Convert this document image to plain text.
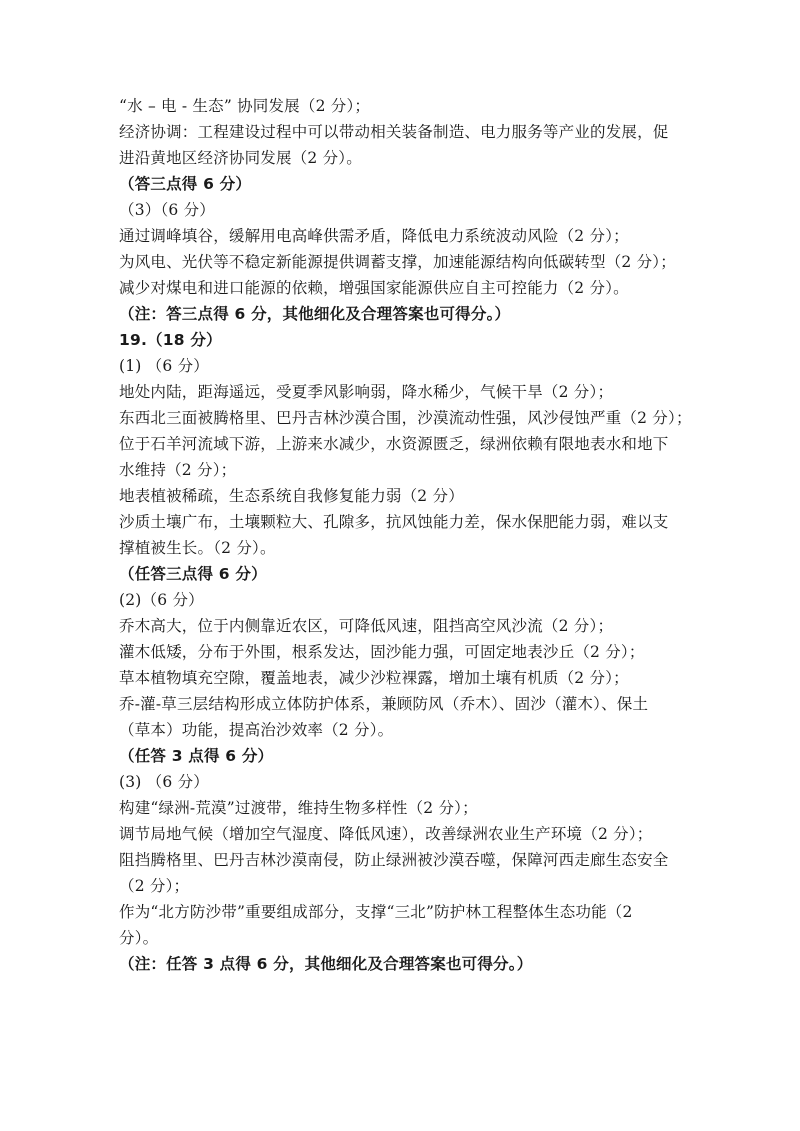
“水 – 电 - 生态” 协同发展（2 分）；
经济协调：工程建设过程中可以带动相关装备制造、电力服务等产业的发展，促
进沿黄地区经济协同发展（2 分）。
（答三点得 6 分）
（3）（6 分）
通过调峰填谷，缓解用电高峰供需矛盾，降低电力系统波动风险（2 分）；
为风电、光伏等不稳定新能源提供调蓄支撑，加速能源结构向低碳转型（2 分）；
减少对煤电和进口能源的依赖，增强国家能源供应自主可控能力（2 分）。
（注：答三点得 6 分，其他细化及合理答案也可得分。）
19.（18 分）
(1) （6 分）
地处内陆，距海遥远，受夏季风影响弱，降水稀少，气候干旱（2 分）；
东西北三面被腾格里、巴丹吉林沙漠合围，沙漠流动性强，风沙侵蚀严重（2 分）；
位于石羊河流域下游，上游来水减少，水资源匮乏，绿洲依赖有限地表水和地下
水维持（2 分）；
地表植被稀疏，生态系统自我修复能力弱（2 分）
沙质土壤广布，土壤颗粒大、孔隙多，抗风蚀能力差，保水保肥能力弱，难以支
撑植被生长。（2 分）。
（任答三点得 6 分）
(2)（6 分）
乔木高大，位于内侧靠近农区，可降低风速，阻挡高空风沙流（2 分）；
灌木低矮，分布于外围，根系发达，固沙能力强，可固定地表沙丘（2 分）；
草本植物填充空隙，覆盖地表，减少沙粒裸露，增加土壤有机质（2 分）；
乔-灌-草三层结构形成立体防护体系，兼顾防风（乔木）、固沙（灌木）、保土
（草本）功能，提高治沙效率（2 分）。
（任答 3 点得 6 分）
(3) （6 分）
构建“绿洲-荒漠”过渡带，维持生物多样性（2 分）；
调节局地气候（增加空气湿度、降低风速），改善绿洲农业生产环境（2 分）；
阻挡腾格里、巴丹吉林沙漠南侵，防止绿洲被沙漠吞噬，保障河西走廊生态安全
（2 分）；
作为“北方防沙带”重要组成部分，支撑“三北”防护林工程整体生态功能（2
分）。
（注：任答 3 点得 6 分，其他细化及合理答案也可得分。）
